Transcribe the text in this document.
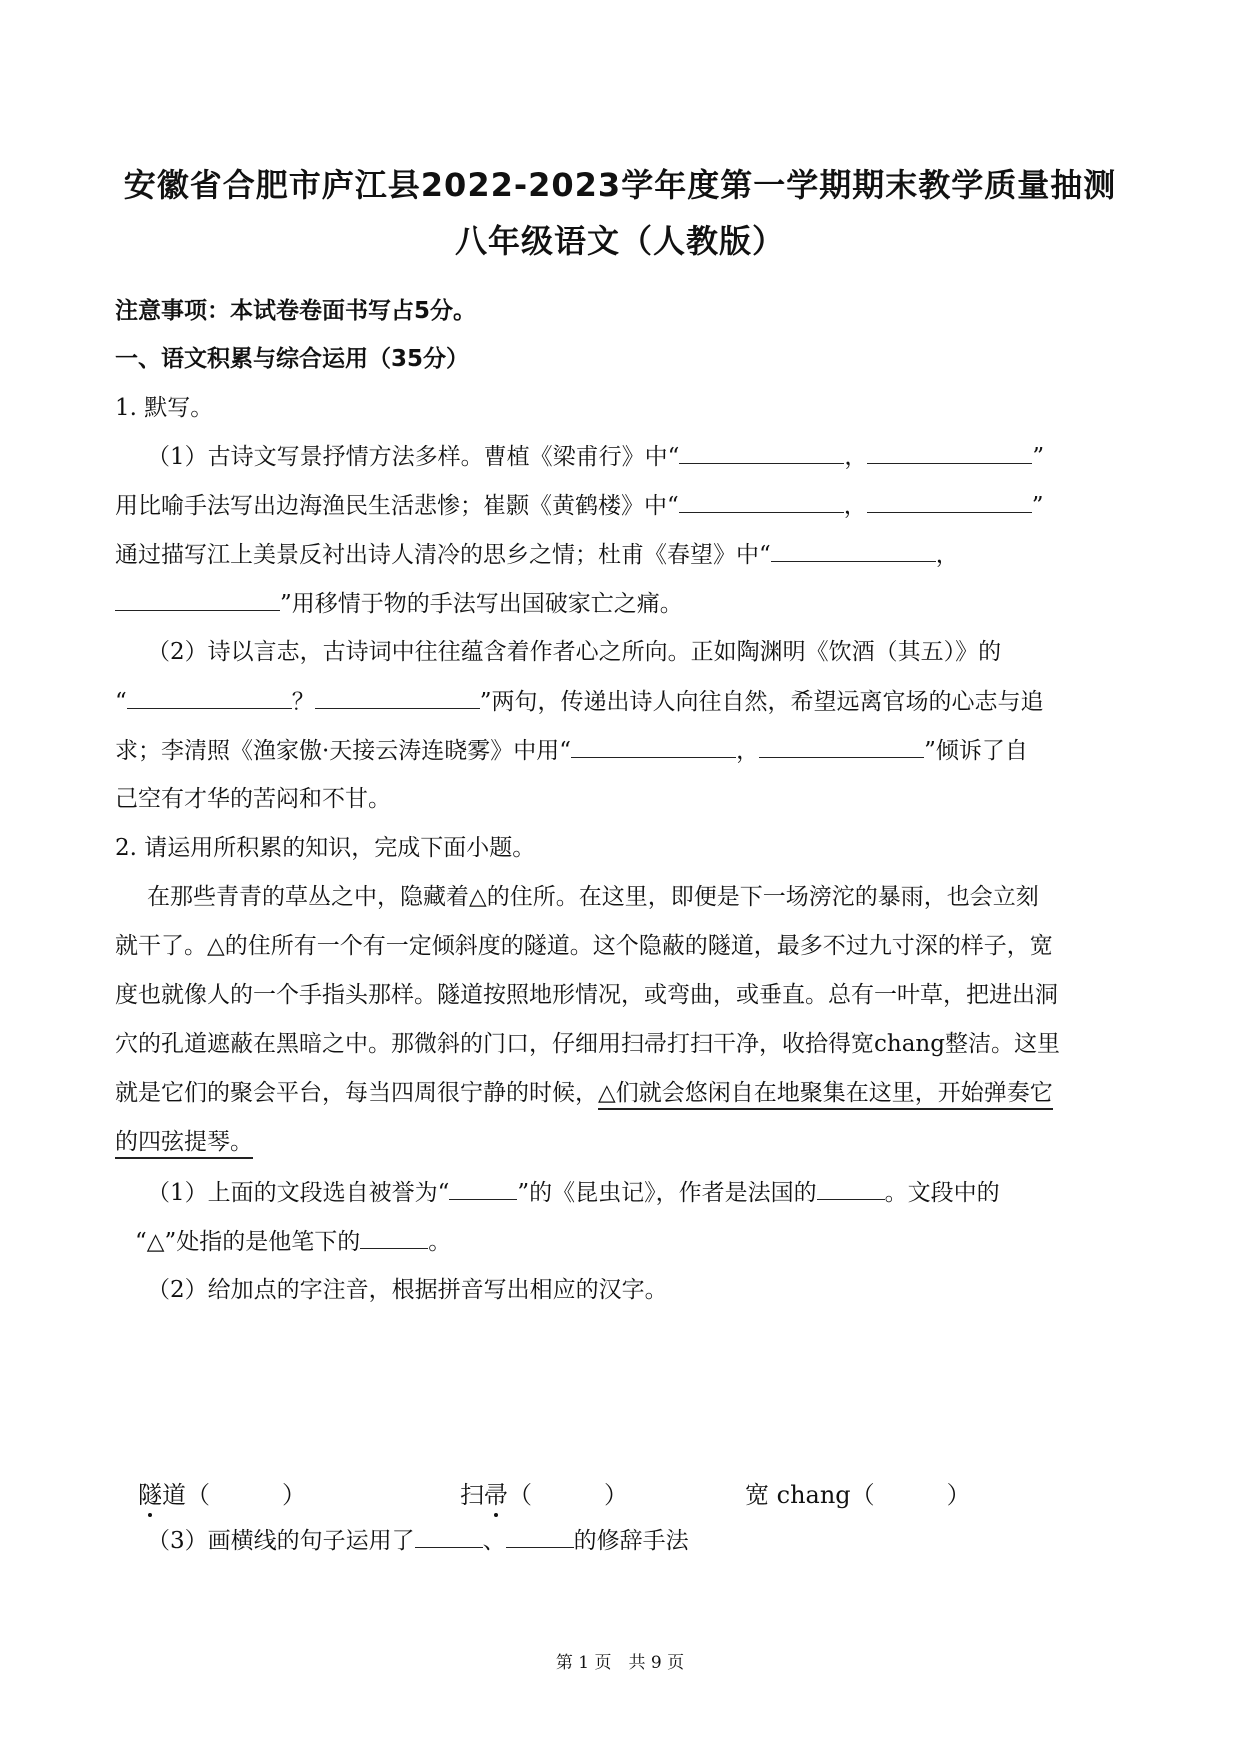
安徽省合肥市庐江县2022-2023学年度第一学期期末教学质量抽测
八年级语文（人教版）
注意事项：本试卷卷面书写占5分。
一、语文积累与综合运用（35分）
1. 默写。
（1）古诗文写景抒情方法多样。曹植《梁甫行》中“	，	”
用比喻手法写出边海渔民生活悲惨；崔颢《黄鹤楼》中“	，	”
通过描写江上美景反衬出诗人清冷的思乡之情；杜甫《春望》中“	，
”用移情于物的手法写出国破家亡之痛。
（2）诗以言志，古诗词中往往蕴含着作者心之所向。正如陶渊明《饮酒（其五）》的
“	？	”两句，传递出诗人向往自然，希望远离官场的心志与追
求；李清照《渔家傲·天接云涛连晓雾》中用“	，	”倾诉了自
己空有才华的苦闷和不甘。
2. 请运用所积累的知识，完成下面小题。
在那些青青的草丛之中，隐藏着△的住所。在这里，即便是下一场滂沱的暴雨，也会立刻
就干了。△的住所有一个有一定倾斜度的隧道。这个隐蔽的隧道，最多不过九寸深的样子，宽
度也就像人的一个手指头那样。隧道按照地形情况，或弯曲，或垂直。总有一叶草，把进出洞
穴的孔道遮蔽在黑暗之中。那微斜的门口，仔细用扫帚打扫干净，收拾得宽chang整洁。这里
就是它们的聚会平台，每当四周很宁静的时候，△们就会悠闲自在地聚集在这里，开始弹奏它
的四弦提琴。
（1）上面的文段选自被誉为“	”的《昆虫记》，作者是法国的	。文段中的
“△”处指的是他笔下的	。
（2）给加点的字注音，根据拼音写出相应的汉字。
隧道（　　　）	扫帚（　　　）	宽 chang（　　　）
（3）画横线的句子运用了	、	的修辞手法
第 1 页　共 9 页
